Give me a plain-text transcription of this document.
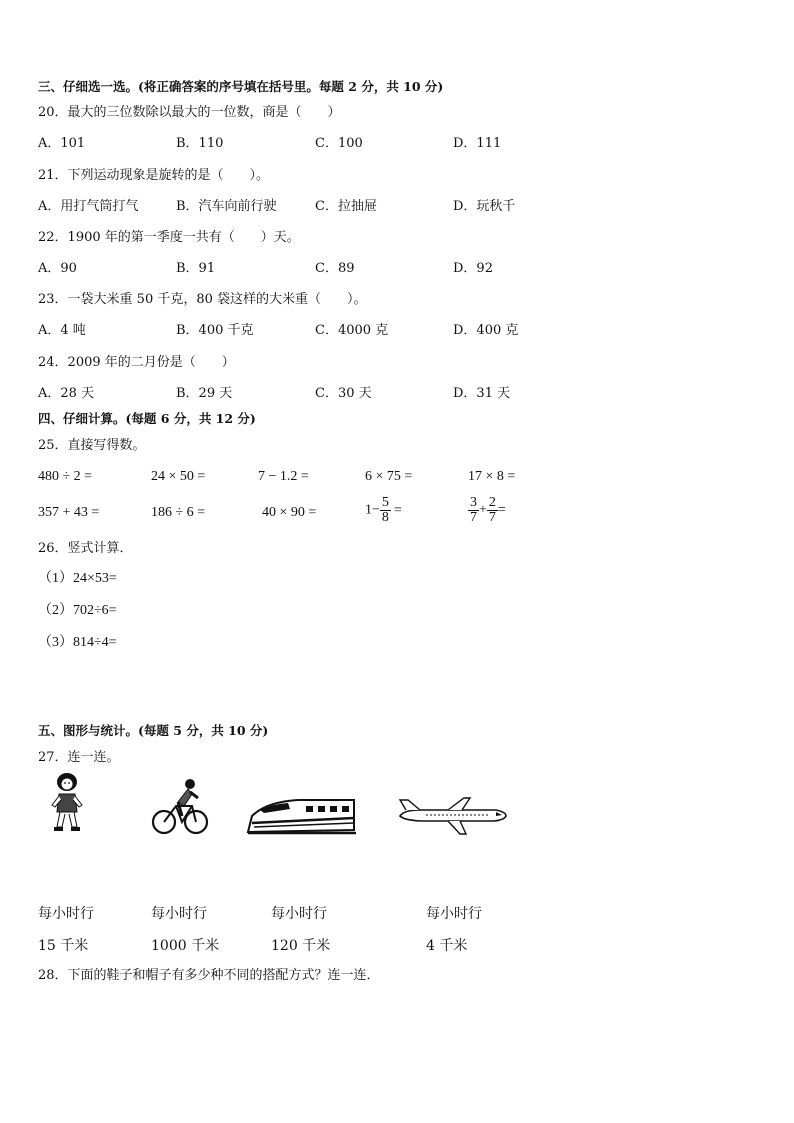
三、仔细选一选。(将正确答案的序号填在括号里。每题 2 分，共 10 分)
20．最大的三位数除以最大的一位数，商是（　　）
A．101	B．110	C．100	D．111
21．下列运动现象是旋转的是（　　）。
A．用打气筒打气	B．汽车向前行驶	C．拉抽屉	D．玩秋千
22．1900 年的第一季度一共有（　　）天。
A．90	B．91	C．89	D．92
23．一袋大米重 50 千克，80 袋这样的大米重（　　）。
A．4 吨	B．400 千克	C．4000 克	D．400 克
24．2009 年的二月份是（　　）
A．28 天	B．29 天	C．30 天	D．31 天
四、仔细计算。(每题 6 分，共 12 分)
25．直接写得数。
480 ÷ 2 =	24 × 50 =	7 − 1.2 =	6 × 75 =	17 × 8 =
357 + 43 =	186 ÷ 6 =	40 × 90 =	$1- \frac{5}{8}$ =	$\frac{3}{7} + \frac{2}{7}$ =
26．竖式计算．
（1）24×53=
（2）702÷6=
（3）814÷4=
五、图形与统计。(每题 5 分，共 10 分)
27．连一连。
每小时行	每小时行	每小时行	每小时行
15 千米	1000 千米	120 千米	4 千米
28．下面的鞋子和帽子有多少种不同的搭配方式？连一连．
